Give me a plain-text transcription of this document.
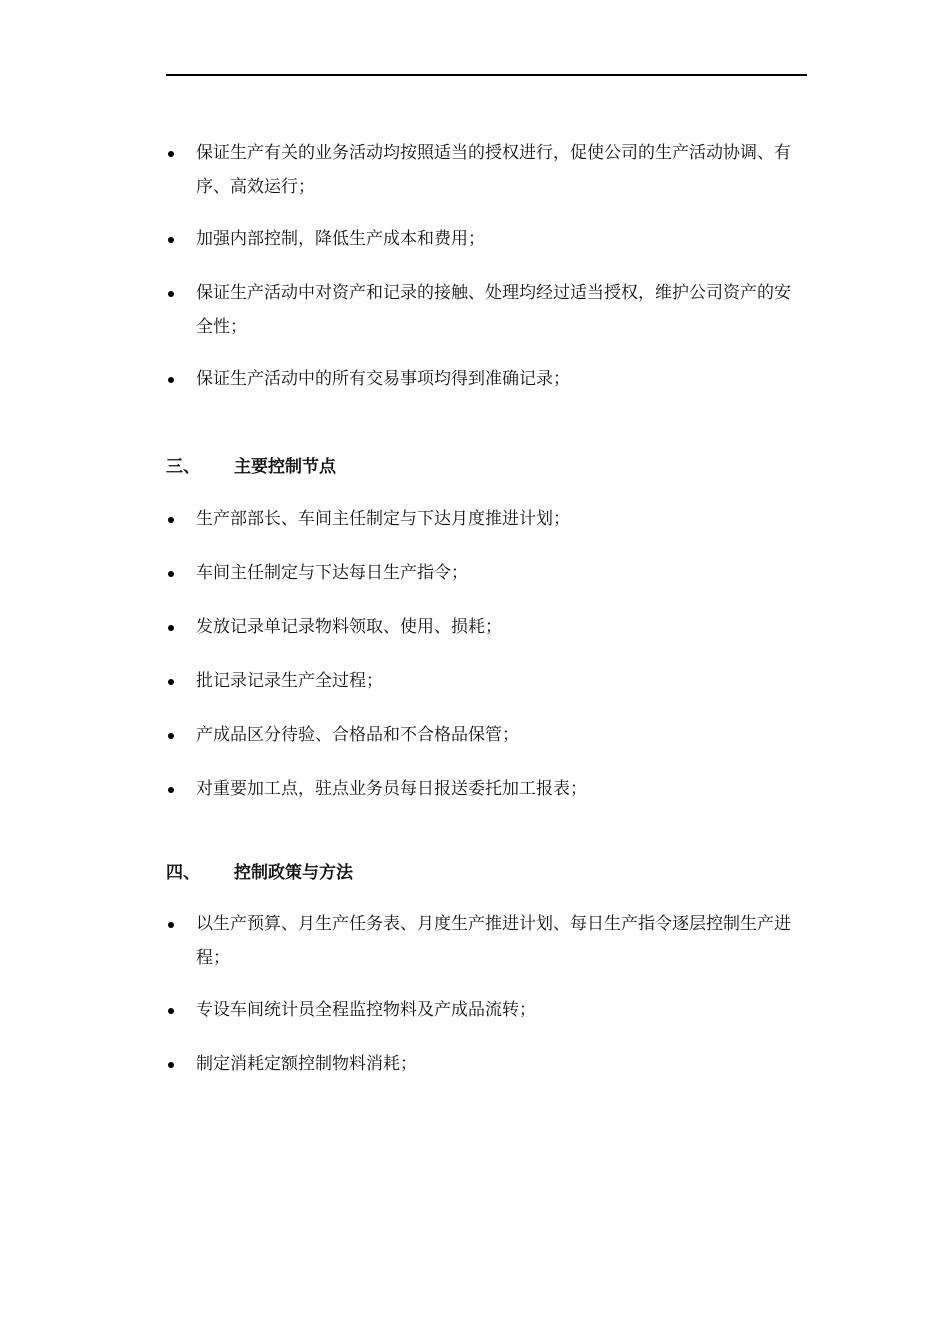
保证生产有关的业务活动均按照适当的授权进行，促使公司的生产活动协调、有序、高效运行；
加强内部控制，降低生产成本和费用；
保证生产活动中对资产和记录的接触、处理均经过适当授权，维护公司资产的安全性；
保证生产活动中的所有交易事项均得到准确记录；
三、 主要控制节点
生产部部长、车间主任制定与下达月度推进计划；
车间主任制定与下达每日生产指令；
发放记录单记录物料领取、使用、损耗；
批记录记录生产全过程；
产成品区分待验、合格品和不合格品保管；
对重要加工点，驻点业务员每日报送委托加工报表；
四、 控制政策与方法
以生产预算、月生产任务表、月度生产推进计划、每日生产指令逐层控制生产进程；
专设车间统计员全程监控物料及产成品流转；
制定消耗定额控制物料消耗；
